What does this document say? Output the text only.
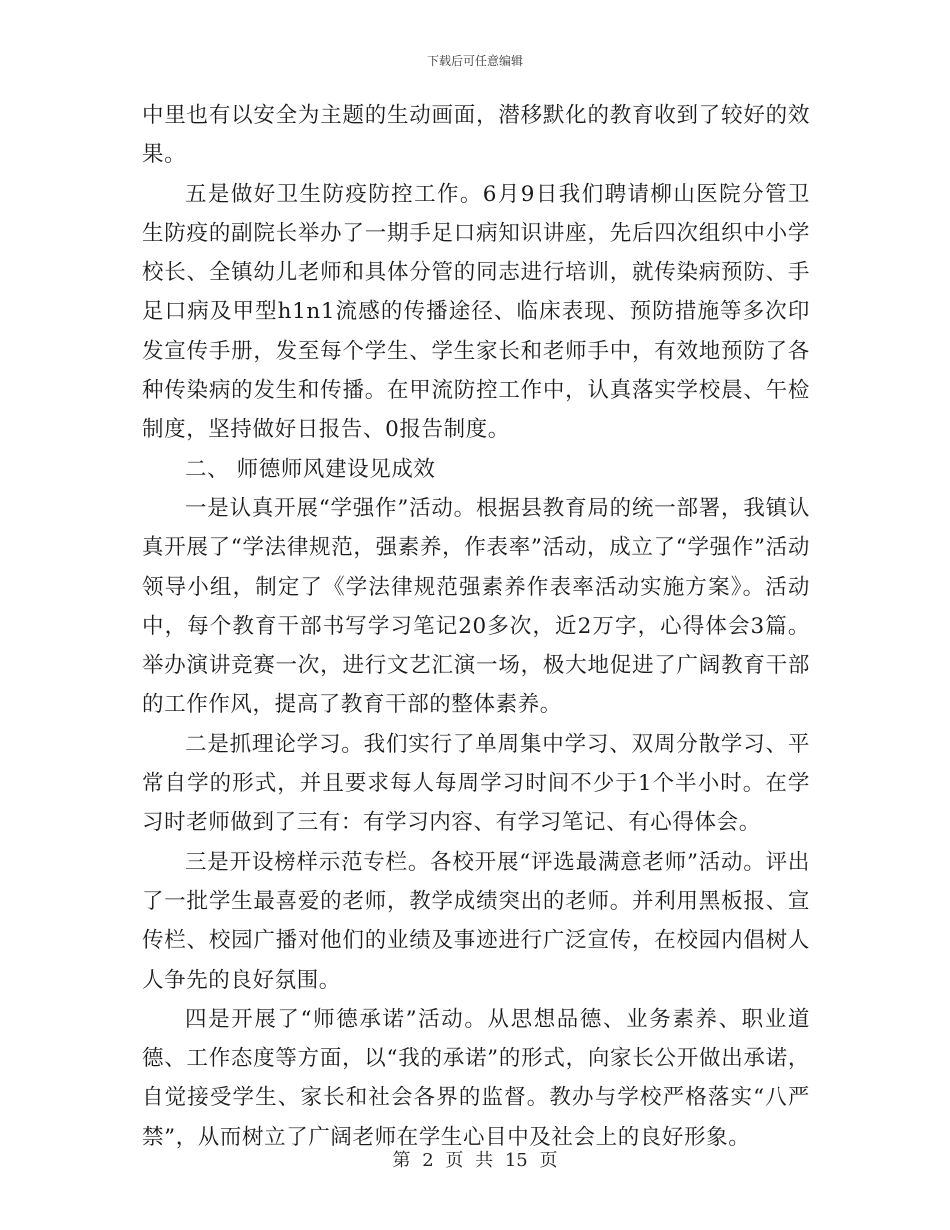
下载后可任意编辑

中里也有以安全为主题的生动画面，潜移默化的教育收到了较好的效果。

五是做好卫生防疫防控工作。6月9日我们聘请柳山医院分管卫生防疫的副院长举办了一期手足口病知识讲座，先后四次组织中小学校长、全镇幼儿老师和具体分管的同志进行培训，就传染病预防、手足口病及甲型h1n1流感的传播途径、临床表现、预防措施等多次印发宣传手册，发至每个学生、学生家长和老师手中，有效地预防了各种传染病的发生和传播。在甲流防控工作中，认真落实学校晨、午检制度，坚持做好日报告、0报告制度。

二、 师德师风建设见成效

一是认真开展“学强作”活动。根据县教育局的统一部署，我镇认真开展了“学法律规范，强素养，作表率”活动，成立了“学强作”活动领导小组，制定了《学法律规范强素养作表率活动实施方案》。活动中，每个教育干部书写学习笔记20多次，近2万字，心得体会3篇。举办演讲竞赛一次，进行文艺汇演一场，极大地促进了广阔教育干部的工作作风，提高了教育干部的整体素养。

二是抓理论学习。我们实行了单周集中学习、双周分散学习、平常自学的形式，并且要求每人每周学习时间不少于1个半小时。在学习时老师做到了三有：有学习内容、有学习笔记、有心得体会。

三是开设榜样示范专栏。各校开展“评选最满意老师”活动。评出了一批学生最喜爱的老师，教学成绩突出的老师。并利用黑板报、宣传栏、校园广播对他们的业绩及事迹进行广泛宣传，在校园内倡树人人争先的良好氛围。

四是开展了“师德承诺”活动。从思想品德、业务素养、职业道德、工作态度等方面，以“我的承诺”的形式，向家长公开做出承诺，自觉接受学生、家长和社会各界的监督。教办与学校严格落实“八严禁”，从而树立了广阔老师在学生心目中及社会上的良好形象。

第 2 页 共 15 页
